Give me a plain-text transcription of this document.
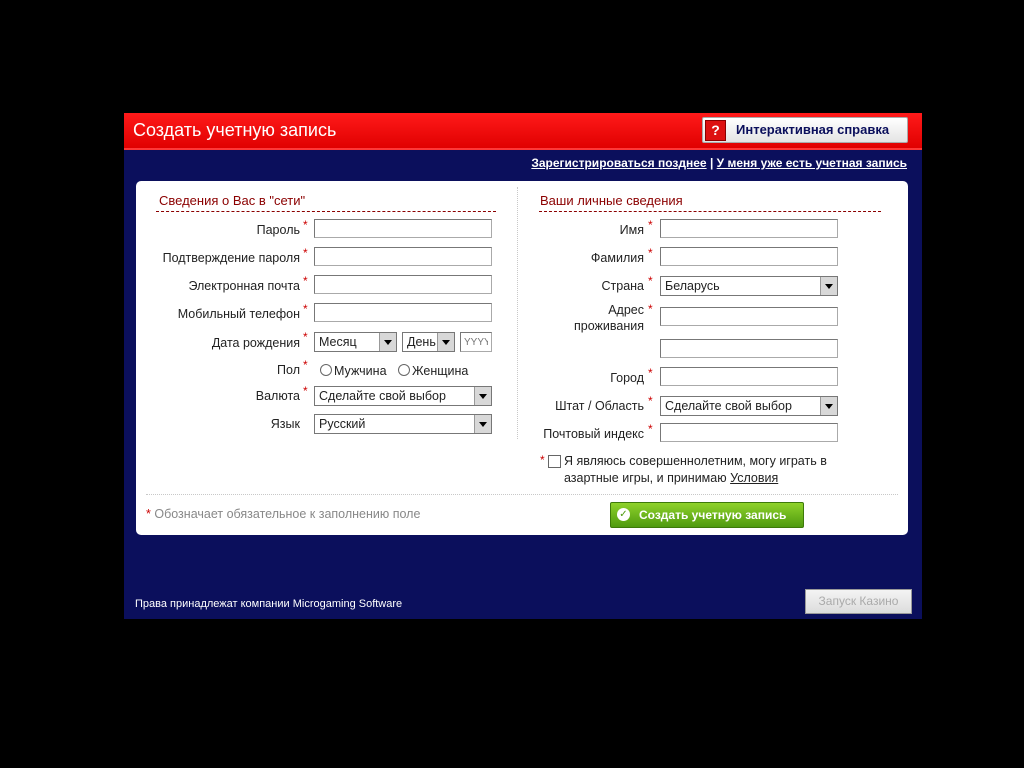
Создать учетную запись	?	Интерактивная справка
Зарегистрироваться позднее | У меня уже есть учетная запись
Сведения о Вас в "сети"
Пароль *
Подтверждение пароля *
Электронная почта *
Мобильный телефон *
Дата рождения * Месяц	День
YYYY
Пол * Мужчина Женщина
Валюта * Сделайте свой выбор
Язык Русский
Ваши личные сведения
Имя *
Фамилия *
Страна * Беларусь
Адрес
проживания
*
Город *
Штат / Область * Сделайте свой выбор
Почтовый индекс *
* Я являюсь совершеннолетним, могу играть в
азартные игры, и принимаю Условия
* Обозначает обязательное к заполнению поле	✓ Создать учетную запись
Права принадлежат компании Microgaming Software	Запуск Казино
